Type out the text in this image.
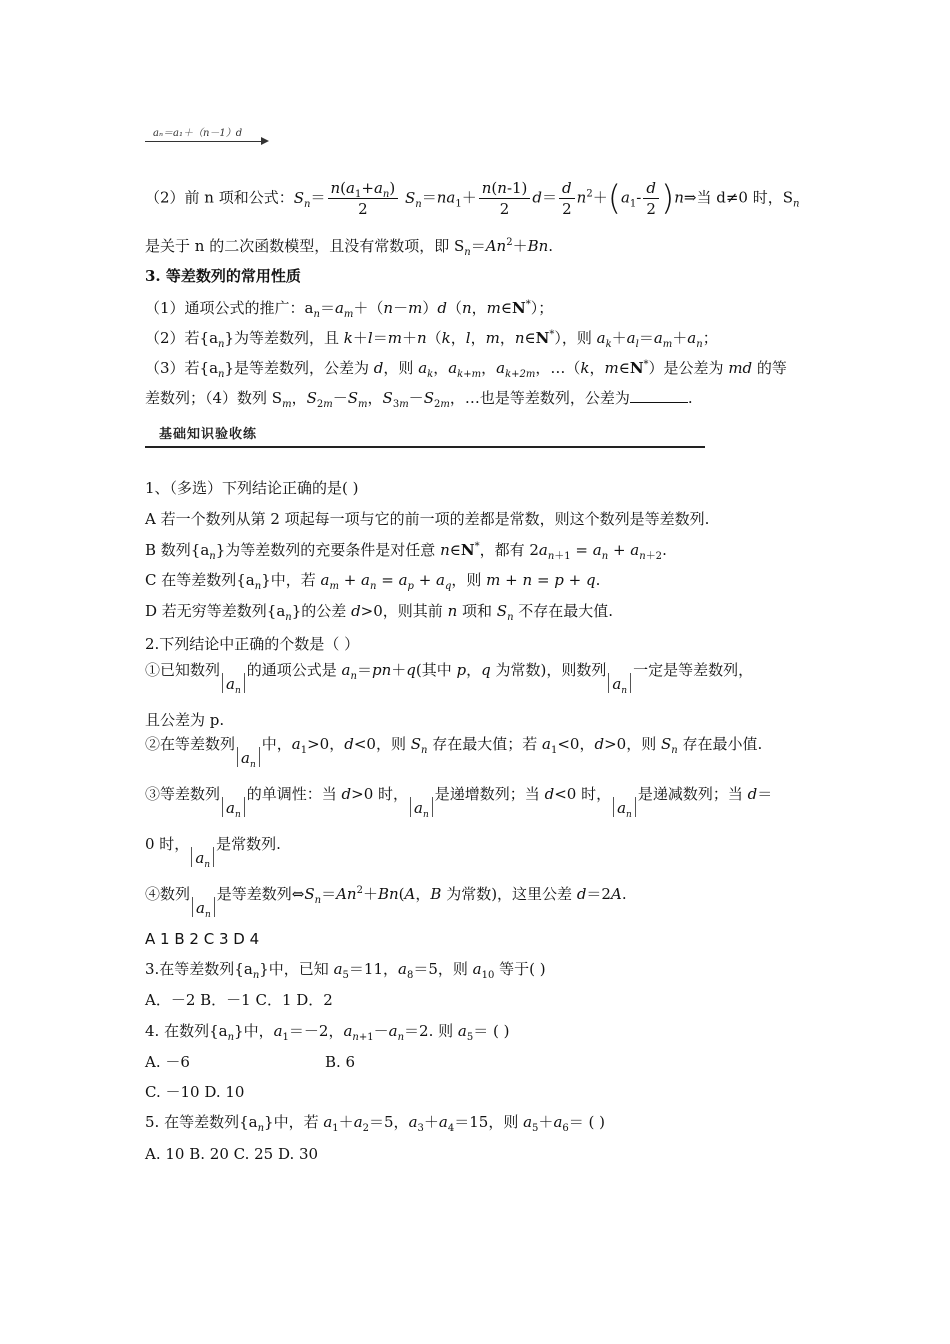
aₙ＝a₁＋（n－1）d
（2）前 n 项和公式：$S_n= \frac{n(a_1+a_n)}{2} S_n=na_1+ \frac{n(n-1)}{2} d= \frac{d}{2} n^2+(a_1- \frac{d}{2}$ )n⇒当 d≠0 时，$S_n$
是关于 n 的二次函数模型，且没有常数项，即 $S_n=An^2+Bn$.
3. 等差数列的常用性质
（1）通项公式的推广：$a_n=a_m+(n-m)d(n$，m∈N*）；
（2）若$\{a_n\}$为等差数列，且 k＋l＝m＋n（k，l，m，n∈N*），则 $a_k+a_l=a_m+a_n$；
（3）若$\{a_n\}$是等差数列，公差为 d，则 $a_k$，$a_{k+m}$，$a_{k+2m}$，…（k，m∈N*）是公差为 md 的等
差数列；（4）数列 $S_m$，$S_{2m}-S_m$，$S_{3m}-S_{2m}$，…也是等差数列，公差为	.
基础知识验收练
1、（多选）下列结论正确的是( )
A 若一个数列从第 2 项起每一项与它的前一项的差都是常数，则这个数列是等差数列.
B 数列$\{a_n\}$为等差数列的充要条件是对任意 n∈N*，都有 $2a_{n+1} = a_n + a_{n+2}$.
C 在等差数列$\{a_n\}$中，若 $a_m + a_n = a_p + a_q$，则 m + n = p + q.
D 若无穷等差数列$\{a_n\}$的公差 d>0，则其前 n 项和 $S_n$ 不存在最大值.
2.下列结论中正确的个数是（ ）
①已知数列$a_n$的通项公式是 $a_n=pn+q$(其中 p，q 为常数)，则数列$a_n$一定是等差数列，
且公差为 p.
②在等差数列$a_n$中，$a_1>0$，d<0，则 $S_n$ 存在最大值；若 $a_1<0$，d>0，则 $S_n$ 存在最小值.
③等差数列$a_n$的单调性：当 d>0 时，$a_n$是递增数列；当 d<0 时，$a_n$是递减数列；当 d＝
0 时，$a_n$是常数列.
④数列$a_n$是等差数列$\Leftrightarrow S_n=An^2+Bn(A$，B 为常数)，这里公差 d＝2A.
A 1 B 2 C 3 D 4
3.在等差数列$\{a_n\}$中，已知 $a_5=11$，$a_8=5$，则 $a_{10}$ 等于( )
A．－2 B．－1 C．1 D．2
4. 在数列$\{a_n\}$中，$a_1=-2$，$a_{n+1}-a_n=2$. 则 $a_5=$ ( )
A. －6	B. 6
C. －10 D. 10
5. 在等差数列$\{a_n\}$中，若 $a_1+a_2=5$，$a_3+a_4=15$，则 $a_5+a_6=$ ( )
A. 10 B. 20 C. 25 D. 30
